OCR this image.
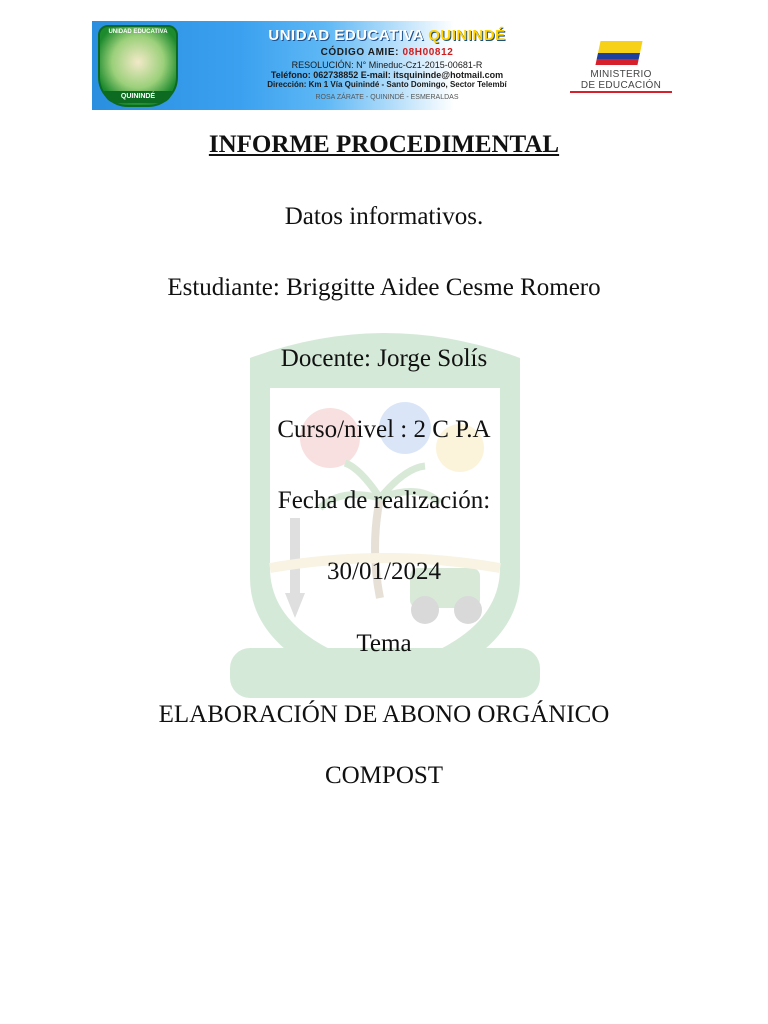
UNIDAD EDUCATIVA
QUININDÉ
UNIDAD EDUCATIVA QUININDÉ
CÓDIGO AMIE: 08H00812
RESOLUCIÓN: N° Mineduc-Cz1-2015-00681-R
Teléfono: 062738852 E-mail: itsquininde@hotmail.com
Dirección: Km 1 Vía Quinindé - Santo Domingo, Sector Telembí
ROSA ZÁRATE - QUININDÉ - ESMERALDAS
MINISTERIO
DE EDUCACIÓN
INFORME PROCEDIMENTAL
Datos informativos.
Estudiante: Briggitte Aidee Cesme Romero
Docente: Jorge Solís
Curso/nivel : 2 C P.A
Fecha de realización:
30/01/2024
Tema
ELABORACIÓN DE ABONO ORGÁNICO
COMPOST
